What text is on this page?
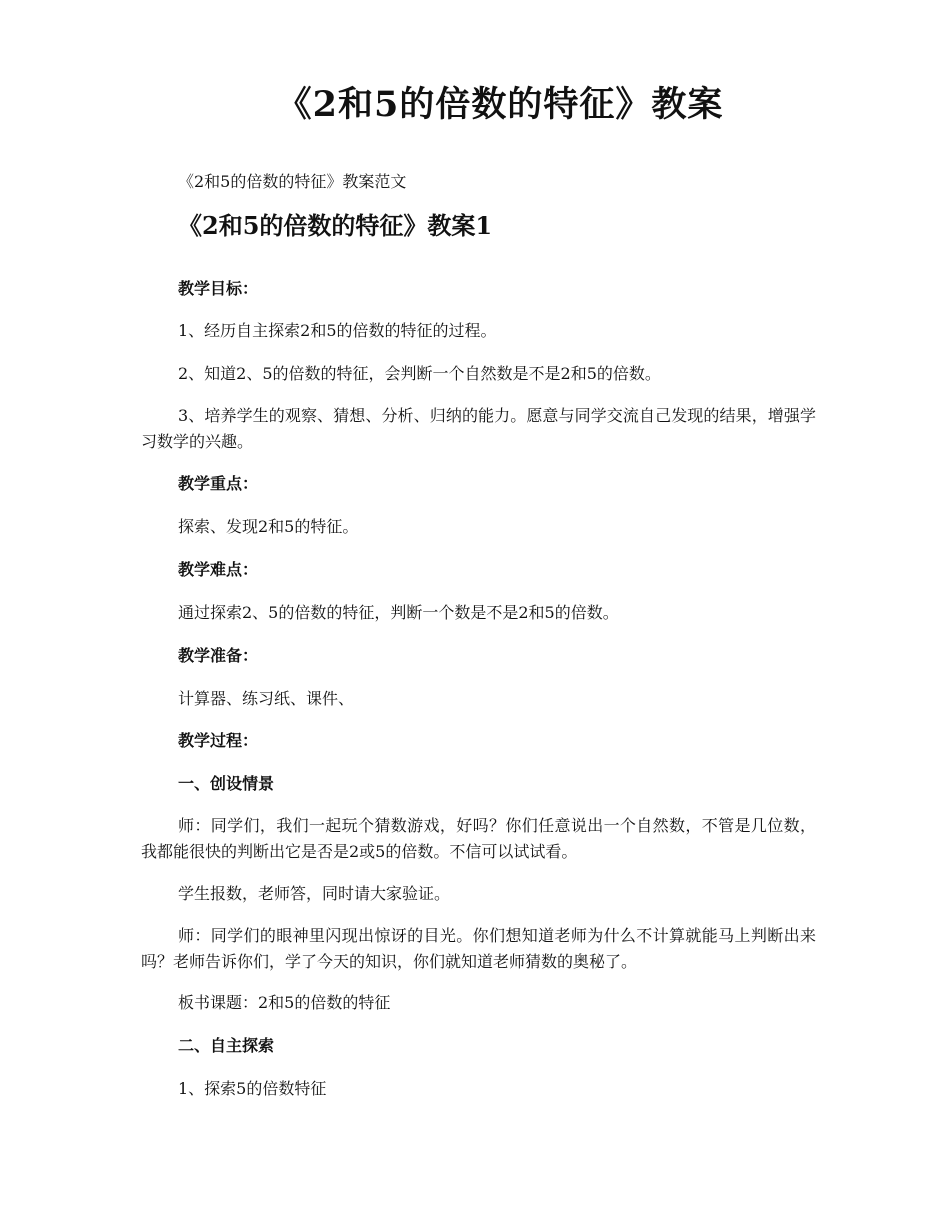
《2和5的倍数的特征》教案
《2和5的倍数的特征》教案范文
《2和5的倍数的特征》教案1
教学目标：
1、经历自主探索2和5的倍数的特征的过程。
2、知道2、5的倍数的特征，会判断一个自然数是不是2和5的倍数。

3、培养学生的观察、猜想、分析、归纳的能力。愿意与同学交流自己发现的结果，增强学习数学的兴趣。

教学重点：
探索、发现2和5的特征。
教学难点：
通过探索2、5的倍数的特征，判断一个数是不是2和5的倍数。
教学准备：
计算器、练习纸、课件、
教学过程：
一、创设情景

师：同学们，我们一起玩个猜数游戏，好吗？你们任意说出一个自然数，不管是几位数，我都能很快的判断出它是否是2或5的倍数。不信可以试试看。

学生报数，老师答，同时请大家验证。

师：同学们的眼神里闪现出惊讶的目光。你们想知道老师为什么不计算就能马上判断出来吗？老师告诉你们，学了今天的知识，你们就知道老师猜数的奥秘了。

板书课题：2和5的倍数的特征
二、自主探索
1、探索5的倍数特征
